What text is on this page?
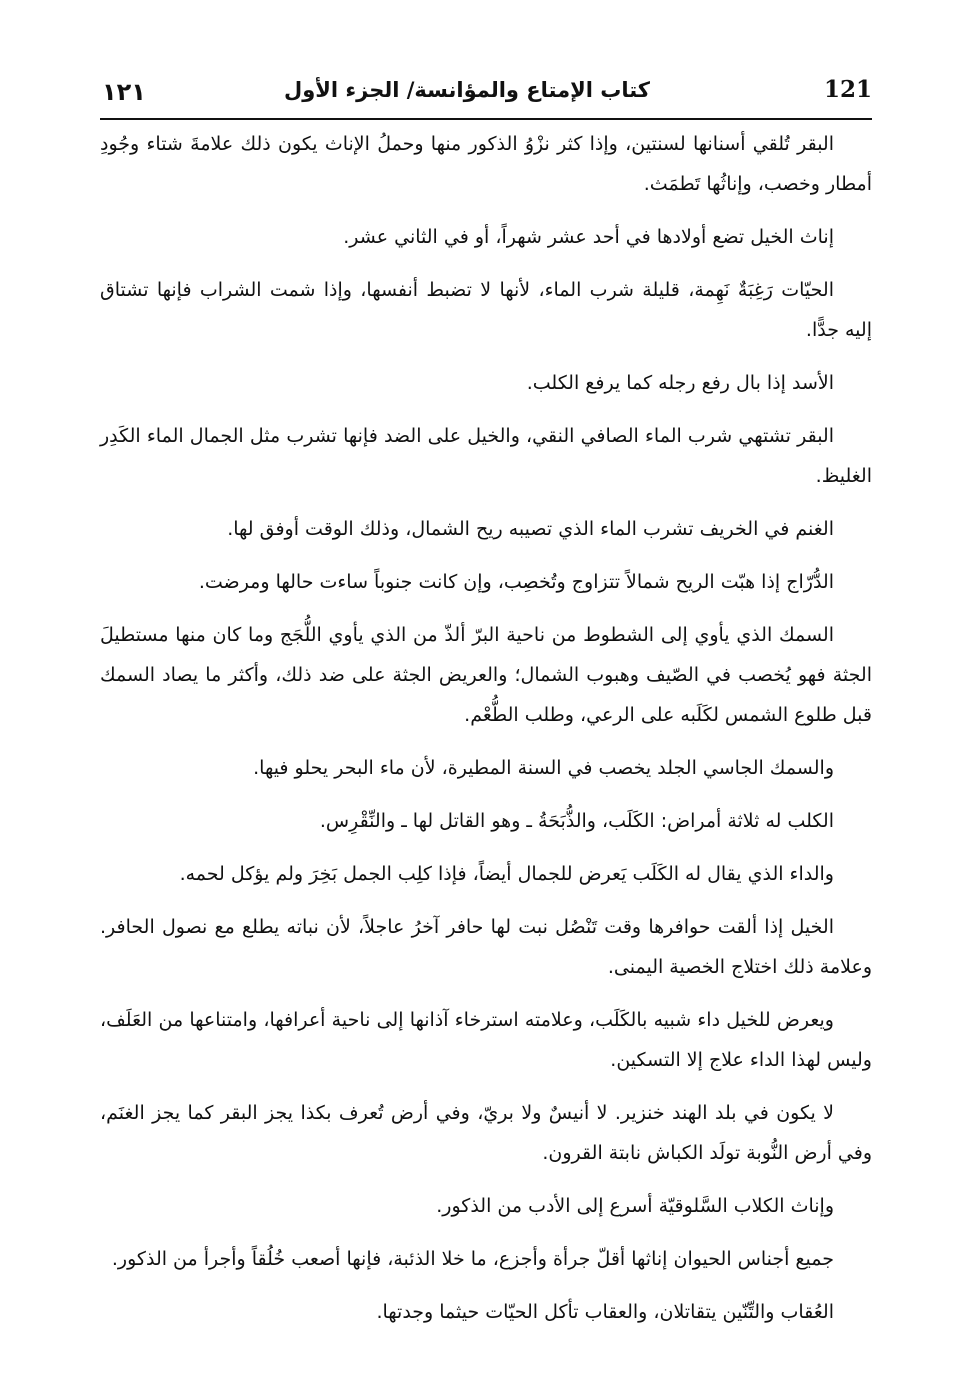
١٢١	كتاب الإمتاع والمؤانسة/ الجزء الأول	121

البقر تُلقي أسنانها لسنتين، وإذا كثر نزْوُ الذكور منها وحملُ الإناث يكون ذلك علامةَ شتاء وجُودِ أمطار وخصب، وإناثُها تَطمَث.

إناث الخيل تضع أولادها في أحد عشر شهراً، أو في الثاني عشر.

الحيّات رَغِبَةٌ نَهِمة، قليلة شرب الماء، لأنها لا تضبط أنفسها، وإذا شمت الشراب فإنها تشتاق إليه جدًّا.

الأسد إذا بال رفع رجله كما يرفع الكلب.

البقر تشتهي شرب الماء الصافي النقي، والخيل على الضد فإنها تشرب مثل الجمال الماء الكَدِر الغليظ.

الغنم في الخريف تشرب الماء الذي تصيبه ريح الشمال، وذلك الوقت أوفق لها.

الدُّرّاج إذا هبّت الريح شمالاً تتزاوج وتُخصِب، وإن كانت جنوباً ساءت حالها ومرضت.

السمك الذي يأوي إلى الشطوط من ناحية البرّ ألذّ من الذي يأوي اللُّجَج وما كان منها مستطيلَ الجثة فهو يُخصب في الصّيف وهبوب الشمال؛ والعريض الجثة على ضد ذلك، وأكثر ما يصاد السمك قبل طلوع الشمس لكَلَبه على الرعي، وطلب الطُّعْم.

والسمك الجاسي الجلد يخصب في السنة المطيرة، لأن ماء البحر يحلو فيها.

الكلب له ثلاثة أمراض: الكَلَب، والذُّبَحَةُ ـ وهو القاتل لها ـ والنِّقْرِس.

والداء الذي يقال له الكَلَب يَعرض للجمال أيضاً، فإذا كلِب الجمل بَخِرَ ولم يؤكل لحمه.

الخيل إذا ألقت حوافرها وقت تَنْصُل نبت لها حافر آخرُ عاجلاً، لأن نباته يطلع مع نصول الحافر. وعلامة ذلك اختلاج الخصية اليمنى.

ويعرض للخيل داء شبيه بالكَلَب، وعلامته استرخاء آذانها إلى ناحية أعرافها، وامتناعها من العَلَف، وليس لهذا الداء علاج إلا التسكين.

لا يكون في بلد الهند خنزير. لا أنيسٌ ولا بريّ، وفي أرض تُعرف بكذا يجز البقر كما يجز الغنَم، وفي أرض النُّوبة تولَد الكباش نابتة القرون.

وإناث الكلاب السَّلوقيّة أسرع إلى الأدب من الذكور.

جميع أجناس الحيوان إناثها أقلّ جرأة وأجزع، ما خلا الذئبة، فإنها أصعب خُلُقاً وأجرأ من الذكور.

العُقاب والتِّنّين يتقاتلان، والعقاب تأكل الحيّات حيثما وجدتها.
